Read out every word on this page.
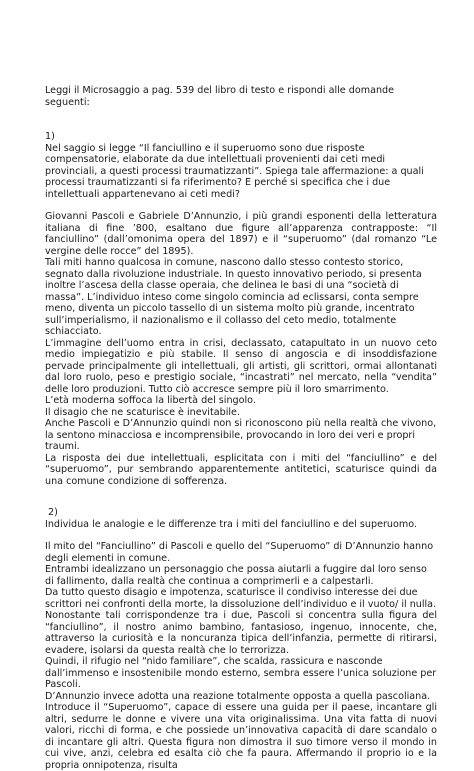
Leggi il Microsaggio a pag. 539 del libro di testo e rispondi alle domande seguenti:

1)

Nel saggio si legge “Il fanciullino e il superuomo sono due risposte compensatorie, elaborate da due intellettuali provenienti dai ceti medi provinciali, a questi processi traumatizzanti”. Spiega tale affermazione: a quali processi traumatizzanti si fa riferimento? E perché si specifica che i due intellettuali appartenevano ai ceti medi?

Giovanni Pascoli e Gabriele D’Annunzio, i più grandi esponenti della letteratura italiana di fine ’800, esaltano due figure all’apparenza contrapposte: “Il fanciullino” (dall’omonima opera del 1897) e il “superuomo” (dal romanzo “Le vergine delle rocce” del 1895).

Tali miti hanno qualcosa in comune, nascono dallo stesso contesto storico, segnato dalla rivoluzione industriale. In questo innovativo periodo, si presenta inoltre l’ascesa della classe operaia, che delinea le basi di una “società di massa”. L’individuo inteso come singolo comincia ad eclissarsi, conta sempre meno, diventa un piccolo tassello di un sistema molto più grande, incentrato sull’imperialismo, il nazionalismo e il collasso del ceto medio, totalmente schiacciato.

L’immagine dell’uomo entra in crisi, declassato, catapultato in un nuovo ceto medio impiegatizio e più stabile. Il senso di angoscia e di insoddisfazione pervade principalmente gli intellettuali, gli artisti, gli scrittori, ormai allontanati dal loro ruolo, peso e prestigio sociale, “incastrati” nel mercato, nella “vendita” delle loro produzioni. Tutto ciò accresce sempre più il loro smarrimento.

L’età moderna soffoca la libertà del singolo.

Il disagio che ne scaturisce è inevitabile.

Anche Pascoli e D’Annunzio quindi non si riconoscono più nella realtà che vivono, la sentono minacciosa e incomprensibile, provocando in loro dei veri e propri traumi.

La risposta dei due intellettuali, esplicitata con i miti del “fanciullino” e del “superuomo”, pur sembrando apparentemente antitetici, scaturisce quindi da una comune condizione di sofferenza.

2)

Individua le analogie e le differenze tra i miti del fanciullino e del superuomo.

Il mito del “Fanciullino” di Pascoli e quello del “Superuomo” di D’Annunzio hanno degli elementi in comune.

Entrambi idealizzano un personaggio che possa aiutarli a fuggire dal loro senso di fallimento, dalla realtà che continua a comprimerli e a calpestarli.

Da tutto questo disagio e impotenza, scaturisce il condiviso interesse dei due scrittori nei confronti della morte, la dissoluzione dell’individuo e il vuoto/ il nulla.

Nonostante tali corrispondenze tra i due, Pascoli si concentra sulla figura del “fanciullino”, il nostro animo bambino, fantasioso, ingenuo, innocente, che, attraverso la curiosità e la noncuranza tipica dell’infanzia, permette di ritirarsi, evadere, isolarsi da questa realtà che lo terrorizza.

Quindi, il rifugio nel “nido familiare”, che scalda, rassicura e nasconde dall’immenso e insostenibile mondo esterno, sembra essere l’unica soluzione per Pascoli.

D’Annunzio invece adotta una reazione totalmente opposta a quella pascoliana.

Introduce il “Superuomo”, capace di essere una guida per il paese, incantare gli altri, sedurre le donne e vivere una vita originalissima. Una vita fatta di nuovi valori, ricchi di forma, e che possiede un’innovativa capacità di dare scandalo o di incantare gli altri. Questa figura non dimostra il suo timore verso il mondo in cui vive, anzi, celebra ed esalta ciò che fa paura. Affermando il proprio io e la propria onnipotenza, risulta
